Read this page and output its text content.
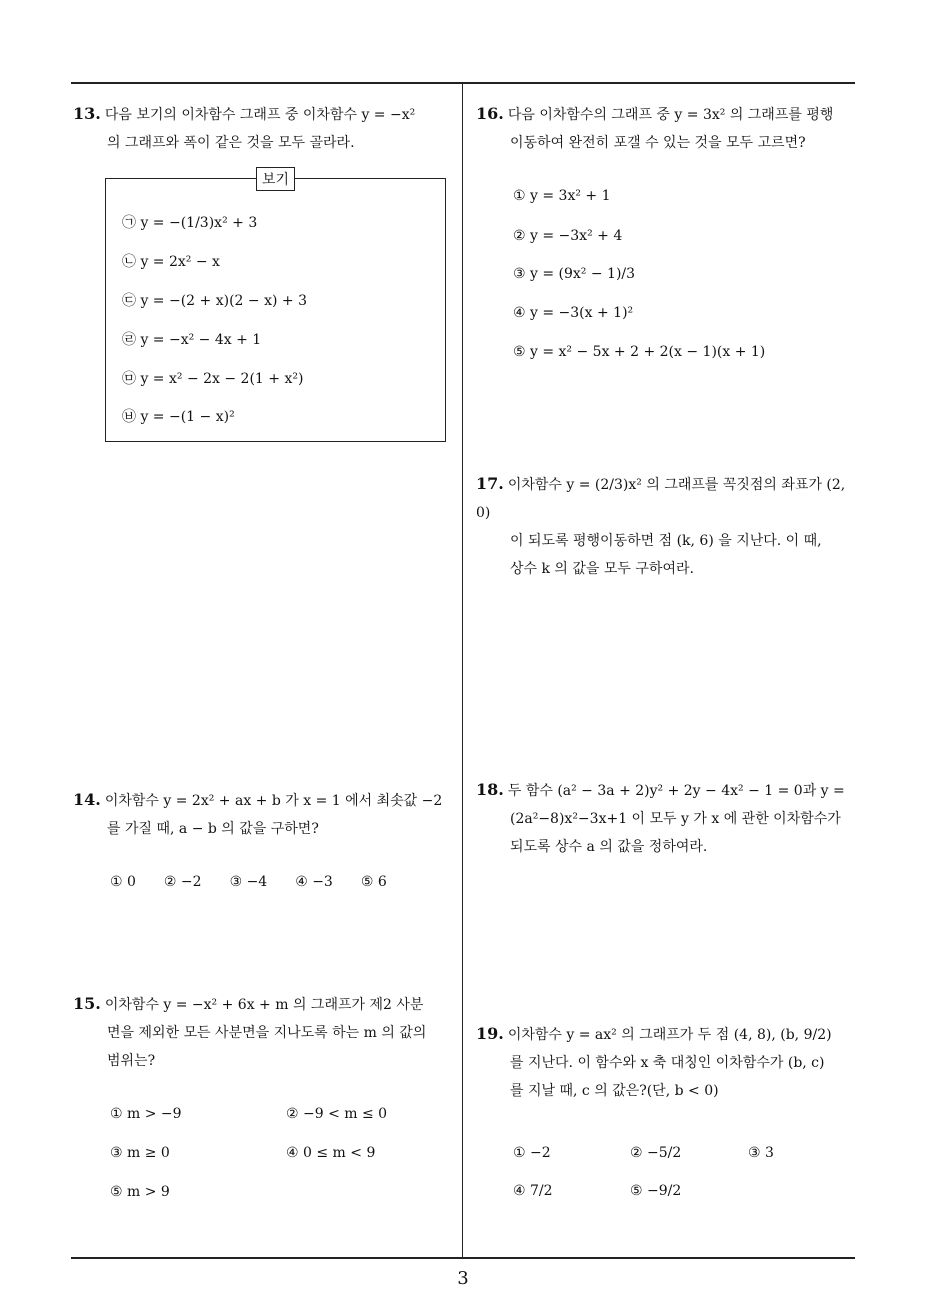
13. 다음 보기의 이차함수 그래프 중 이차함수 y = −x²
의 그래프와 폭이 같은 것을 모두 골라라.
보기
㉠ y = −(1/3)x² + 3
㉡ y = 2x² − x
㉢ y = −(2 + x)(2 − x) + 3
㉣ y = −x² − 4x + 1
㉤ y = x² − 2x − 2(1 + x²)
㉥ y = −(1 − x)²
14. 이차함수 y = 2x² + ax + b 가 x = 1 에서 최솟값 −2
를 가질 때, a − b 의 값을 구하면?
① 0 ② −2 ③ −4 ④ −3 ⑤ 6
15. 이차함수 y = −x² + 6x + m 의 그래프가 제2 사분
면을 제외한 모든 사분면을 지나도록 하는 m 의 값의
범위는?
① m > −9	② −9 < m ≤ 0
③ m ≥ 0	④ 0 ≤ m < 9
⑤ m > 9
16. 다음 이차함수의 그래프 중 y = 3x² 의 그래프를 평행
이동하여 완전히 포갤 수 있는 것을 모두 고르면?
① y = 3x² + 1
② y = −3x² + 4
③ y = (9x² − 1)/3
④ y = −3(x + 1)²
⑤ y = x² − 5x + 2 + 2(x − 1)(x + 1)
17. 이차함수 y = (2/3)x² 의 그래프를 꼭짓점의 좌표가 (2, 0)
이 되도록 평행이동하면 점 (k, 6) 을 지난다. 이 때,
상수 k 의 값을 모두 구하여라.
18. 두 함수 (a² − 3a + 2)y² + 2y − 4x² − 1 = 0과 y =
(2a²−8)x²−3x+1 이 모두 y 가 x 에 관한 이차함수가
되도록 상수 a 의 값을 정하여라.
19. 이차함수 y = ax² 의 그래프가 두 점 (4, 8), (b, 9/2)
를 지난다. 이 함수와 x 축 대칭인 이차함수가 (b, c)
를 지날 때, c 의 값은?(단, b < 0)
① −2	② −5/2	③ 3
④ 7/2	⑤ −9/2
3
